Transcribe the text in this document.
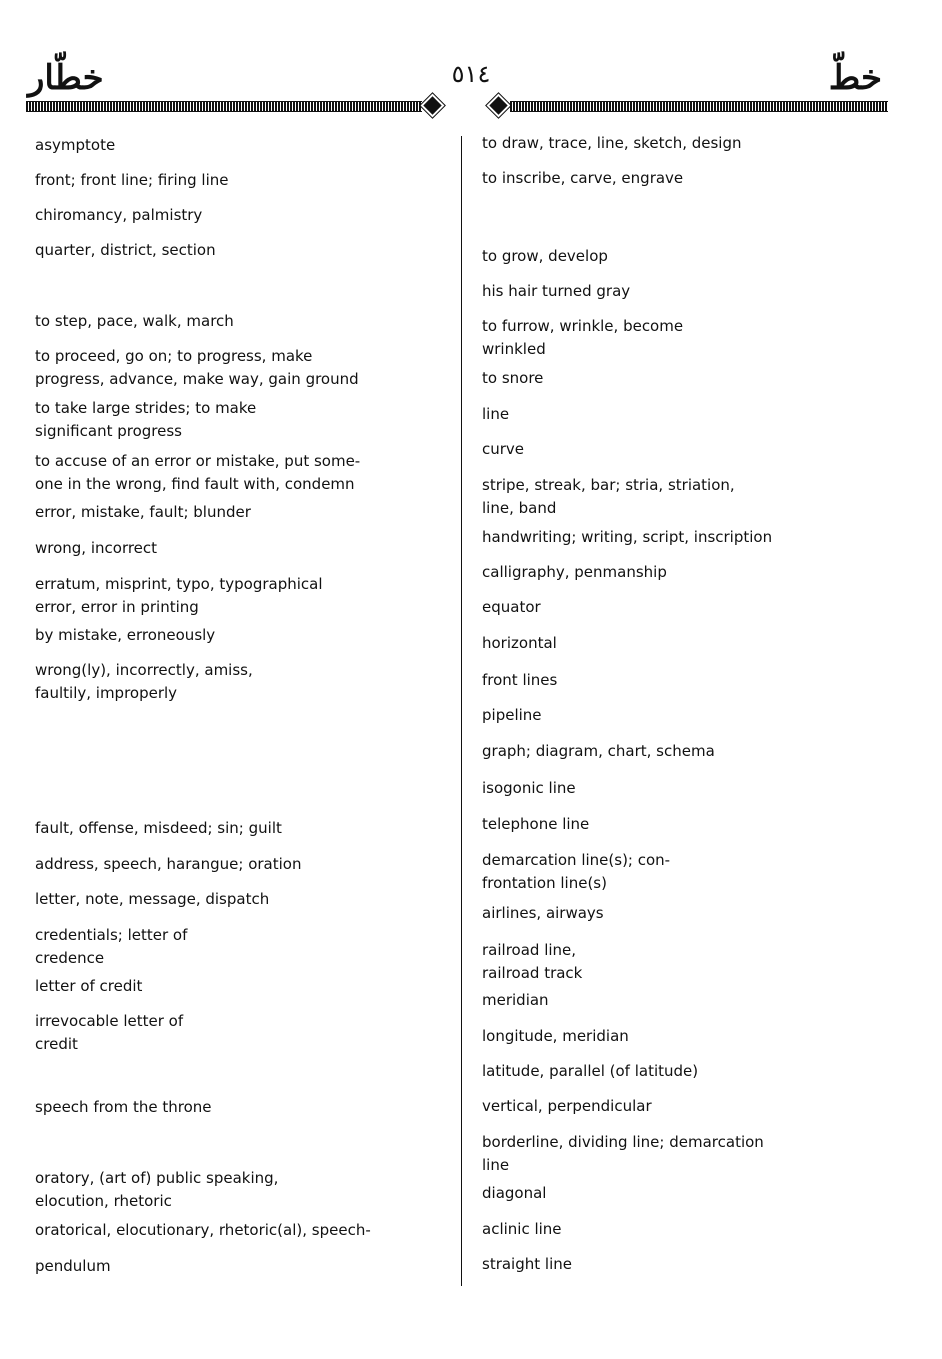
خطّار	٥١٤	خطّ
asymptote
front; front line; firing line
chiromancy, palmistry
quarter, district, section
to step, pace, walk, march
to proceed, go on; to progress, make
progress, advance, make way, gain ground
to take large strides; to make
significant progress
to accuse of an error or mistake, put some-
one in the wrong, find fault with, condemn
error, mistake, fault; blunder
wrong, incorrect
erratum, misprint, typo, typographical
error, error in printing
by mistake, erroneously
wrong(ly), incorrectly, amiss,
faultily, improperly
fault, offense, misdeed; sin; guilt
address, speech, harangue; oration
letter, note, message, dispatch
credentials; letter of
credence
letter of credit
irrevocable letter of
credit
speech from the throne
oratory, (art of) public speaking,
elocution, rhetoric
oratorical, elocutionary, rhetoric(al), speech-
pendulum
to draw, trace, line, sketch, design
to inscribe, carve, engrave
to grow, develop
his hair turned gray
to furrow, wrinkle, become
wrinkled
to snore
line
curve
stripe, streak, bar; stria, striation,
line, band
handwriting; writing, script, inscription
calligraphy, penmanship
equator
horizontal
front lines
pipeline
graph; diagram, chart, schema
isogonic line
telephone line
demarcation line(s); con-
frontation line(s)
airlines, airways
railroad line,
railroad track
meridian
longitude, meridian
latitude, parallel (of latitude)
vertical, perpendicular
borderline, dividing line; demarcation
line
diagonal
aclinic line
straight line
